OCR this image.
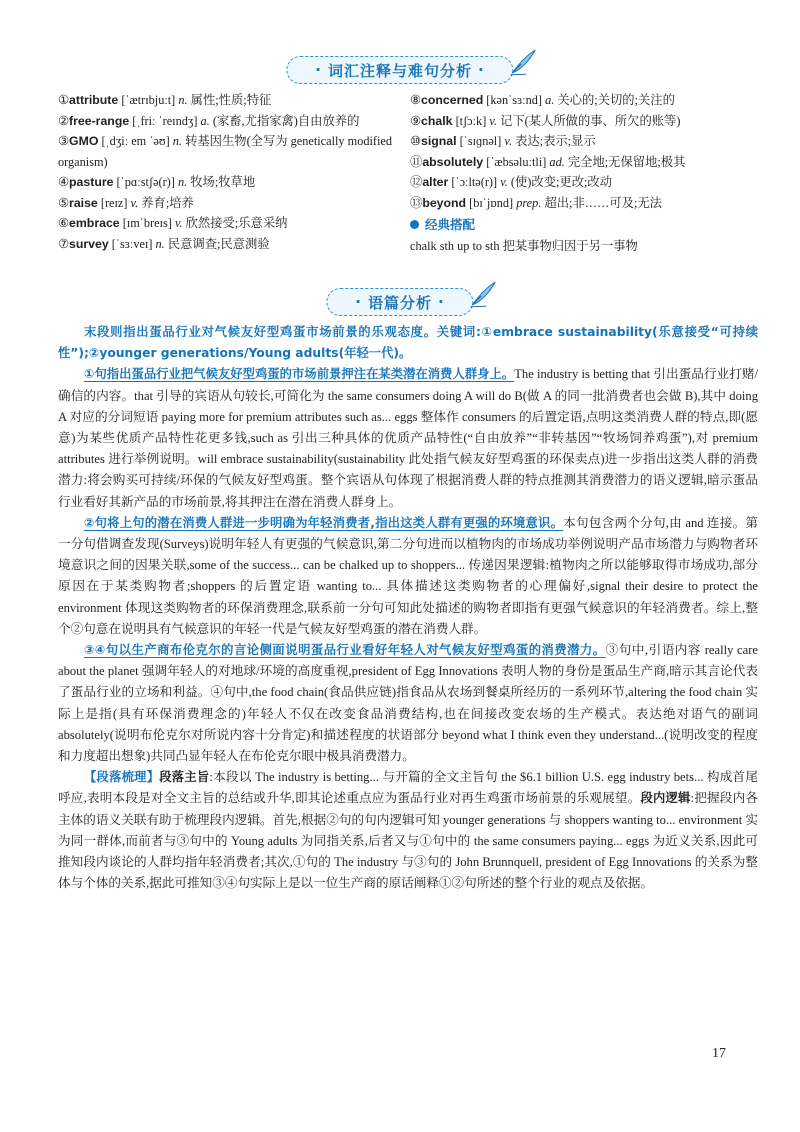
· 词汇注释与难句分析 ·
①attribute [ˈætrɪbjuːt] n. 属性;性质;特征
②free-range [ˌfriː ˈreɪndʒ] a. (家畜,尤指家禽)自由放养的
③GMO [ˌdʒiː em ˈəʊ] n. 转基因生物(全写为 genetically modified organism)
④pasture [ˈpɑːstʃə(r)] n. 牧场;牧草地
⑤raise [reɪz] v. 养育;培养
⑥embrace [ɪmˈbreɪs] v. 欣然接受;乐意采纳
⑦survey [ˈsɜːveɪ] n. 民意调查;民意测验
⑧concerned [kənˈsɜːnd] a. 关心的;关切的;关注的
⑨chalk [tʃɔːk] v. 记下(某人所做的事、所欠的账等)
⑩signal [ˈsɪɡnəl] v. 表达;表示;显示
⑪absolutely [ˈæbsəluːtli] ad. 完全地;无保留地;极其
⑫alter [ˈɔːltə(r)] v. (使)改变;更改;改动
⑬beyond [bɪˈjɒnd] prep. 超出;非……可及;无法
经典搭配
chalk sth up to sth 把某事物归因于另一事物
· 语篇分析 ·

末段则指出蛋品行业对气候友好型鸡蛋市场前景的乐观态度。关键词:①embrace sustainability(乐意接受“可持续性”);②younger generations/Young adults(年轻一代)。

①句指出蛋品行业把气候友好型鸡蛋的市场前景押注在某类潜在消费人群身上。The industry is betting that 引出蛋品行业打赌/确信的内容。that 引导的宾语从句较长,可简化为 the same consumers doing A will do B(做 A 的同一批消费者也会做 B),其中 doing A 对应的分词短语 paying more for premium attributes such as... eggs 整体作 consumers 的后置定语,点明这类消费人群的特点,即(愿意)为某些优质产品特性花更多钱,such as 引出三种具体的优质产品特性(“自由放养”“非转基因”“牧场饲养鸡蛋”),对 premium attributes 进行举例说明。will embrace sustainability(sustainability 此处指气候友好型鸡蛋的环保卖点)进一步指出这类人群的消费潜力:将会购买可持续/环保的气候友好型鸡蛋。整个宾语从句体现了根据消费人群的特点推测其消费潜力的语义逻辑,暗示蛋品行业看好其新产品的市场前景,将其押注在潜在消费人群身上。

②句将上句的潜在消费人群进一步明确为年轻消费者,指出这类人群有更强的环境意识。本句包含两个分句,由 and 连接。第一分句借调查发现(Surveys)说明年轻人有更强的气候意识,第二分句进而以植物肉的市场成功举例说明产品市场潜力与购物者环境意识之间的因果关联,some of the success... can be chalked up to shoppers... 传递因果逻辑:植物肉之所以能够取得市场成功,部分原因在于某类购物者;shoppers 的后置定语 wanting to... 具体描述这类购物者的心理偏好,signal their desire to protect the environment 体现这类购物者的环保消费理念,联系前一分句可知此处描述的购物者即指有更强气候意识的年轻消费者。综上,整个②句意在说明具有气候意识的年轻一代是气候友好型鸡蛋的潜在消费人群。

③④句以生产商布伦克尔的言论侧面说明蛋品行业看好年轻人对气候友好型鸡蛋的消费潜力。③句中,引语内容 really care about the planet 强调年轻人的对地球/环境的高度重视,president of Egg Innovations 表明人物的身份是蛋品生产商,暗示其言论代表了蛋品行业的立场和利益。④句中,the food chain(食品供应链)指食品从农场到餐桌所经历的一系列环节,altering the food chain 实际上是指(具有环保消费理念的)年轻人不仅在改变食品消费结构,也在间接改变农场的生产模式。表达绝对语气的副词 absolutely(说明布伦克尔对所说内容十分肯定)和描述程度的状语部分 beyond what I think even they understand...(说明改变的程度和力度超出想象)共同凸显年轻人在布伦克尔眼中极具消费潜力。

【段落梳理】段落主旨:本段以 The industry is betting... 与开篇的全文主旨句 the $6.1 billion U.S. egg industry bets... 构成首尾呼应,表明本段是对全文主旨的总结或升华,即其论述重点应为蛋品行业对再生鸡蛋市场前景的乐观展望。段内逻辑:把握段内各主体的语义关联有助于梳理段内逻辑。首先,根据②句的句内逻辑可知 younger generations 与 shoppers wanting to... environment 实为同一群体,而前者与③句中的 Young adults 为同指关系,后者又与①句中的 the same consumers paying... eggs 为近义关系,因此可推知段内谈论的人群均指年轻消费者;其次,①句的 The industry 与③句的 John Brunnquell, president of Egg Innovations 的关系为整体与个体的关系,据此可推知③④句实际上是以一位生产商的原话阐释①②句所述的整个行业的观点及依据。

17
